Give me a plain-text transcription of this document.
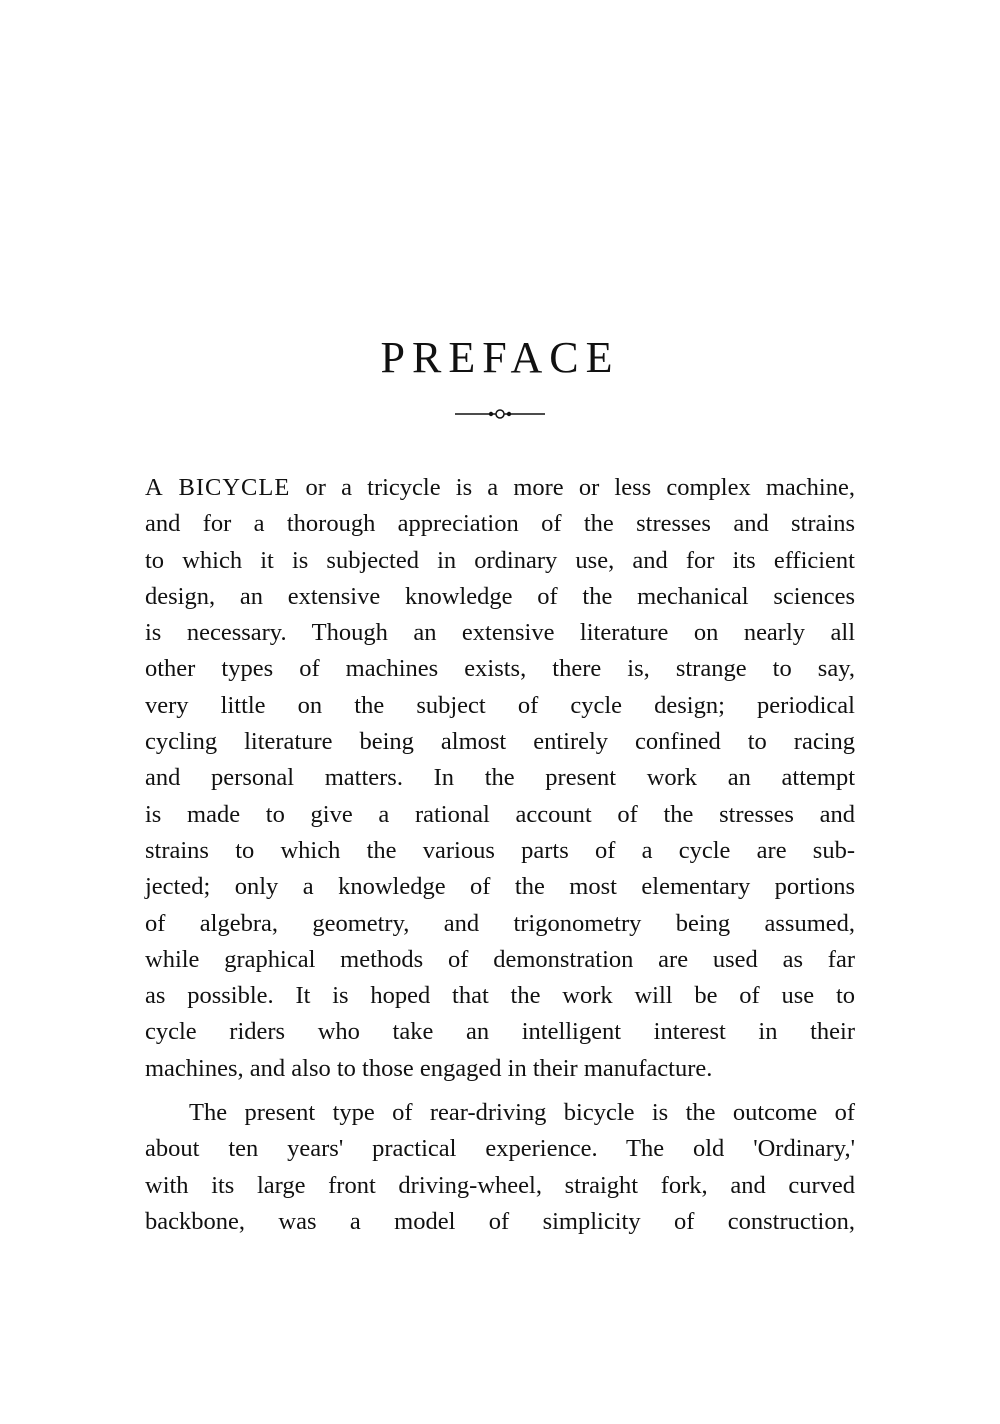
PREFACE

A BICYCLE or a tricycle is a more or less complex machine,
and for a thorough appreciation of the stresses and strains
to which it is subjected in ordinary use, and for its efficient
design, an extensive knowledge of the mechanical sciences
is necessary. Though an extensive literature on nearly all
other types of machines exists, there is, strange to say,
very little on the subject of cycle design; periodical
cycling literature being almost entirely confined to racing
and personal matters. In the present work an attempt
is made to give a rational account of the stresses and
strains to which the various parts of a cycle are sub-
jected; only a knowledge of the most elementary portions
of algebra, geometry, and trigonometry being assumed,
while graphical methods of demonstration are used as far
as possible. It is hoped that the work will be of use to
cycle riders who take an intelligent interest in their
machines, and also to those engaged in their manufacture.

The present type of rear-driving bicycle is the outcome of
about ten years' practical experience. The old 'Ordinary,'
with its large front driving-wheel, straight fork, and curved
backbone, was a model of simplicity of construction,
